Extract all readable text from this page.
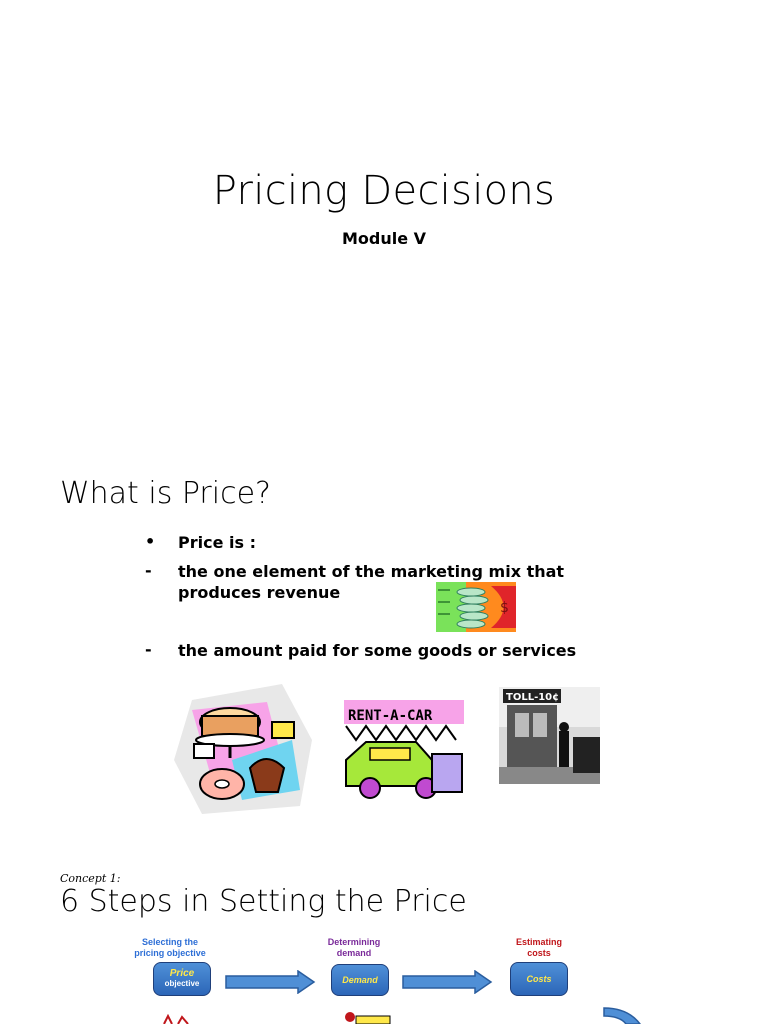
Pricing Decisions
Module V
What is Price?
•	Price is :
-	the one element of the marketing mix that produces revenue
-	the amount paid for some goods or services
$
RENT-A-CAR
TOLL-10¢
Concept 1:
6 Steps in Setting the Price
Selecting the pricing objective
Determining demand
Estimating costs
Price
objective	Demand	Costs
